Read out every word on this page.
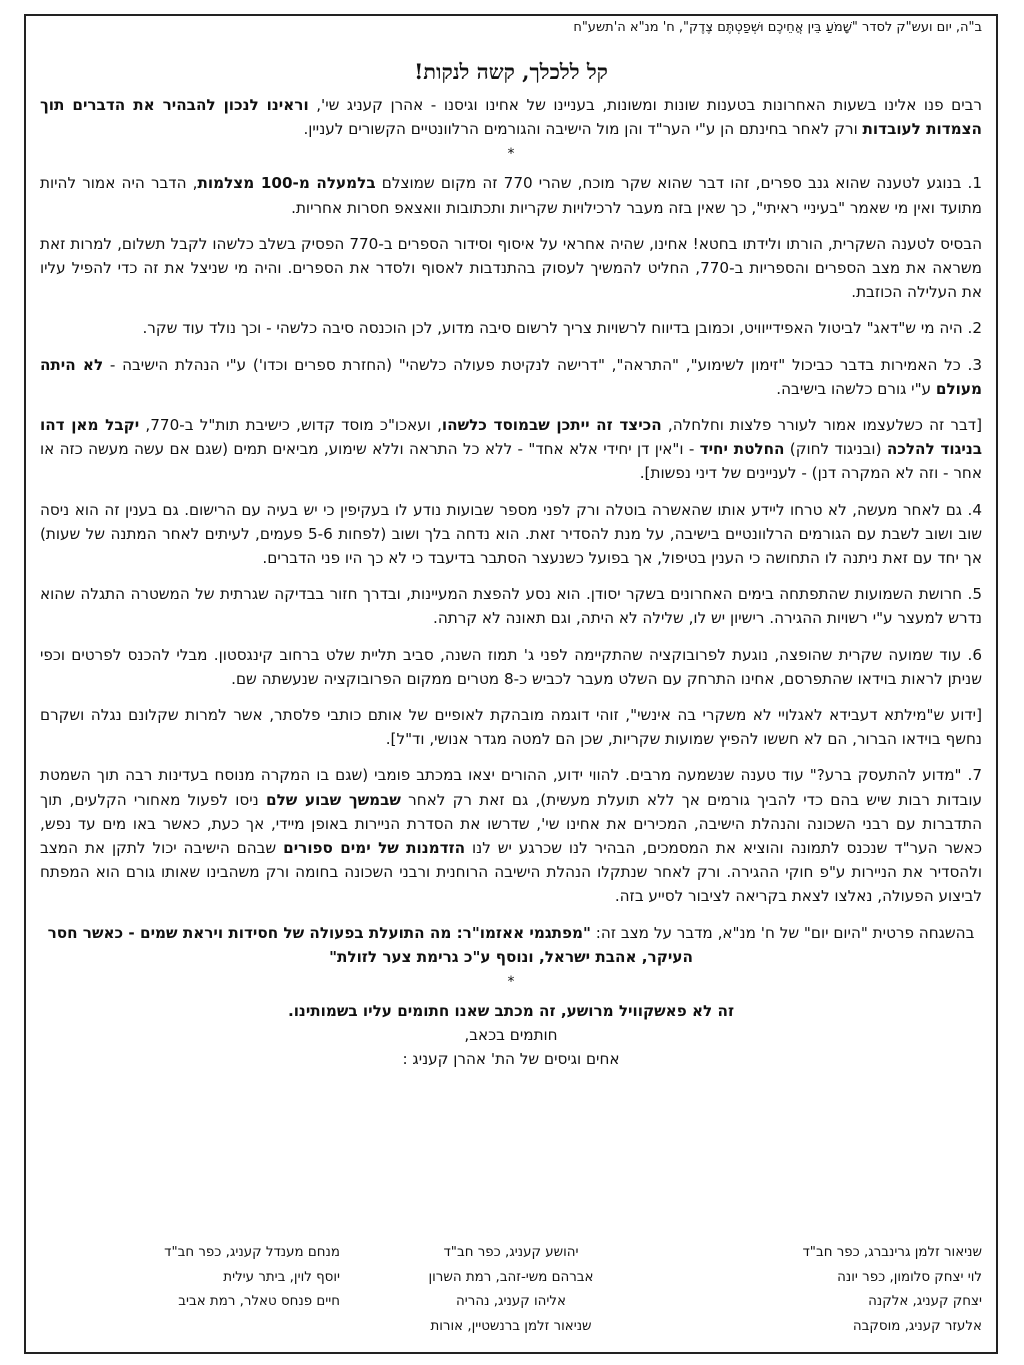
ב"ה, יום ועש"ק לסדר "שָׁמֹעַ בֵּין אֲחֵיכֶם וּשְׁפַטְתֶּם צֶדֶק", ח' מנ"א ה'תשע"ח
קל ללכלך, קשה לנקות!

רבים פנו אלינו בשעות האחרונות בטענות שונות ומשונות, בעניינו של אחינו וגיסנו - אהרן קעניג שי', וראינו לנכון להבהיר את הדברים תוך הצמדות לעובדות ורק לאחר בחינתם הן ע"י הער"ד והן מול הישיבה והגורמים הרלוונטיים הקשורים לעניין.

*

1. בנוגע לטענה שהוא גנב ספרים, זהו דבר שהוא שקר מוכח, שהרי 770 זה מקום שמוצלם בלמעלה מ-100 מצלמות, הדבר היה אמור להיות מתועד ואין מי שאמר "בעיניי ראיתי", כך שאין בזה מעבר לרכילויות שקריות ותכתובות וואצאפ חסרות אחריות.

הבסיס לטענה השקרית, הורתו ולידתו בחטא! אחינו, שהיה אחראי על איסוף וסידור הספרים ב-770 הפסיק בשלב כלשהו לקבל תשלום, למרות זאת משראה את מצב הספרים והספריות ב-770, החליט להמשיך לעסוק בהתנדבות לאסוף ולסדר את הספרים. והיה מי שניצל את זה כדי להפיל עליו את העלילה הכוזבת.

2. היה מי ש"דאג" לביטול האפידייוויט, וכמובן בדיווח לרשויות צריך לרשום סיבה מדוע, לכן הוכנסה סיבה כלשהי - וכך נולד עוד שקר.

3. כל האמירות בדבר כביכול "זימון לשימוע", "התראה", "דרישה לנקיטת פעולה כלשהי" (החזרת ספרים וכדו') ע"י הנהלת הישיבה - לא היתה מעולם ע"י גורם כלשהו בישיבה.

[דבר זה כשלעצמו אמור לעורר פלצות וחלחלה, הכיצד זה ייתכן שבמוסד כלשהו, ועאכו"כ מוסד קדוש, כישיבת תות"ל ב-770, יקבל מאן דהו בניגוד להלכה (ובניגוד לחוק) החלטת יחיד - ו"אין דן יחידי אלא אחד" - ללא כל התראה וללא שימוע, מביאים תמים (שגם אם עשה מעשה כזה או אחר - וזה לא המקרה דנן) - לעניינים של דיני נפשות].

4. גם לאחר מעשה, לא טרחו ליידע אותו שהאשרה בוטלה ורק לפני מספר שבועות נודע לו בעקיפין כי יש בעיה עם הרישום. גם בענין זה הוא ניסה שוב ושוב לשבת עם הגורמים הרלוונטיים בישיבה, על מנת להסדיר זאת. הוא נדחה בלך ושוב (לפחות 5-6 פעמים, לעיתים לאחר המתנה של שעות) אך יחד עם זאת ניתנה לו התחושה כי הענין בטיפול, אך בפועל כשנעצר הסתבר בדיעבד כי לא כך היו פני הדברים.

5. חרושת השמועות שהתפתחה בימים האחרונים בשקר יסודן. הוא נסע להפצת המעיינות, ובדרך חזור בבדיקה שגרתית של המשטרה התגלה שהוא נדרש למעצר ע"י רשויות ההגירה. רישיון יש לו, שלילה לא היתה, וגם תאונה לא קרתה.

6. עוד שמועה שקרית שהופצה, נוגעת לפרובוקציה שהתקיימה לפני ג' תמוז השנה, סביב תליית שלט ברחוב קינגסטון. מבלי להכנס לפרטים וכפי שניתן לראות בוידאו שהתפרסם, אחינו התרחק עם השלט מעבר לכביש כ-8 מטרים ממקום הפרובוקציה שנעשתה שם.

[ידוע ש"מילתא דעבידא לאגלויי לא משקרי בה אינשי", זוהי דוגמה מובהקת לאופיים של אותם כותבי פלסתר, אשר למרות שקלונם נגלה ושקרם נחשף בוידאו הברור, הם לא חששו להפיץ שמועות שקריות, שכן הם למטה מגדר אנושי, וד"ל].

7. "מדוע להתעסק ברע?" עוד טענה שנשמעה מרבים. להווי ידוע, ההורים יצאו במכתב פומבי (שגם בו המקרה מנוסח בעדינות רבה תוך השמטת עובדות רבות שיש בהם כדי להביך גורמים אך ללא תועלת מעשית), גם זאת רק לאחר שבמשך שבוע שלם ניסו לפעול מאחורי הקלעים, תוך התדברות עם רבני השכונה והנהלת הישיבה, המכירים את אחינו שי', שדרשו את הסדרת הניירות באופן מיידי, אך כעת, כאשר באו מים עד נפש, כאשר הער"ד שנכנס לתמונה והוציא את המסמכים, הבהיר לנו שכרגע יש לנו הזדמנות של ימים ספורים שבהם הישיבה יכול לתקן את המצב ולהסדיר את הניירות ע"פ חוקי ההגירה. ורק לאחר שנתקלו הנהלת הישיבה הרוחנית ורבני השכונה בחומה ורק משהבינו שאותו גורם הוא המפתח לביצוע הפעולה, נאלצו לצאת בקריאה לציבור לסייע בזה.

בהשגחה פרטית "היום יום" של ח' מנ"א, מדבר על מצב זה: "מפתגמי אאזמו"ר: מה התועלת בפעולה של חסידות ויראת שמים - כאשר חסר העיקר, אהבת ישראל, ונוסף ע"כ גרימת צער לזולת"

*
זה לא פאשקוויל מרושע, זה מכתב שאנו חתומים עליו בשמותינו.
חותמים בכאב,
אחים וגיסים של הת' אהרן קעניג :
שניאור זלמן גרינברג, כפר חב"ד
לוי יצחק סלומון, כפר יונה
יצחק קעניג, אלקנה
אלעזר קעניג, מוסקבה
יהושע קעניג, כפר חב"ד
אברהם משי-זהב, רמת השרון
אליהו קעניג, נהריה
שניאור זלמן ברנשטיין, אורות
מנחם מענדל קעניג, כפר חב"ד
יוסף לוין, ביתר עילית
חיים פנחס טאלר, רמת אביב
